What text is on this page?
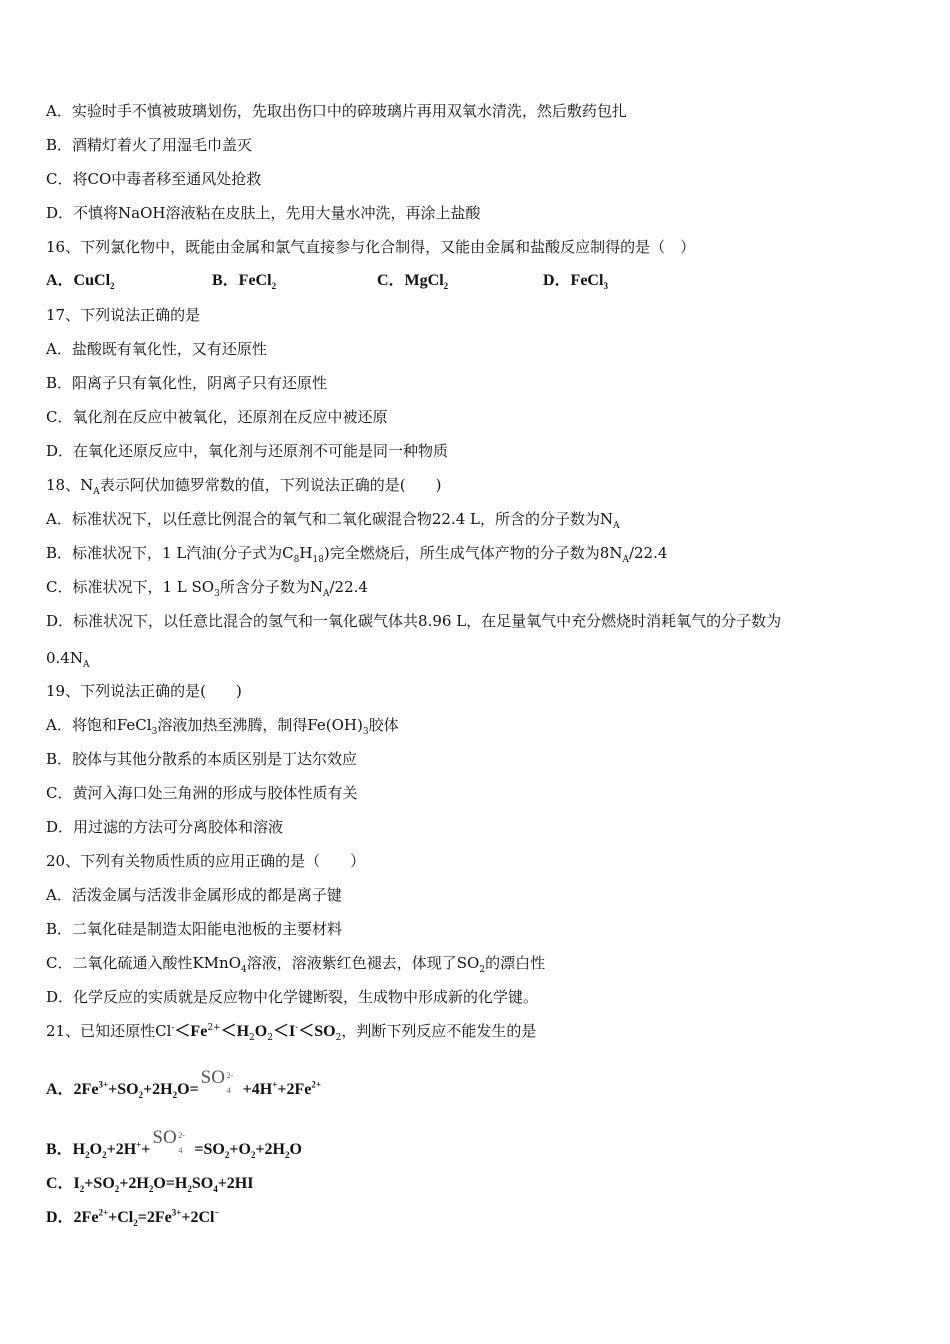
A．实验时手不慎被玻璃划伤，先取出伤口中的碎玻璃片再用双氧水清洗，然后敷药包扎
B．酒精灯着火了用湿毛巾盖灭
C．将CO中毒者移至通风处抢救
D．不慎将NaOH溶液粘在皮肤上，先用大量水冲洗，再涂上盐酸
16、下列氯化物中，既能由金属和氯气直接参与化合制得，又能由金属和盐酸反应制得的是（　）
A．CuCl$_2$	B．FeCl$_2$	C．MgCl$_2$	D．FeCl$_3$
17、下列说法正确的是
A．盐酸既有氧化性，又有还原性
B．阳离子只有氧化性，阴离子只有还原性
C．氧化剂在反应中被氧化，还原剂在反应中被还原
D．在氧化还原反应中，氧化剂与还原剂不可能是同一种物质
18、$N_A$表示阿伏加德罗常数的值，下列说法正确的是(　　)
A．标准状况下，以任意比例混合的氧气和二氧化碳混合物22.4 L，所含的分子数为$N_A$
B．标准状况下，1 L汽油(分子式为$C_8H_{18}$)完全燃烧后，所生成气体产物的分子数为$8N_A/22.4$
C．标准状况下，1 L $SO_3$所含分子数为$N_A/22.4$
D．标准状况下，以任意比混合的氢气和一氧化碳气体共8.96 L，在足量氧气中充分燃烧时消耗氧气的分子数为
$0.4N_A$
19、下列说法正确的是(　　)
A．将饱和FeCl$_3$溶液加热至沸腾，制得$Fe(OH)_3$胶体
B．胶体与其他分散系的本质区别是丁达尔效应
C．黄河入海口处三角洲的形成与胶体性质有关
D．用过滤的方法可分离胶体和溶液
20、下列有关物质性质的应用正确的是（　　）
A．活泼金属与活泼非金属形成的都是离子键
B．二氧化硅是制造太阳能电池板的主要材料
C．二氧化硫通入酸性KMnO$_4$溶液，溶液紫红色褪去，体现了$SO_2$的漂白性
D．化学反应的实质就是反应物中化学键断裂，生成物中形成新的化学键。
21、已知还原性$Cl^-<Fe^{2+}<H_2O_2<I^-<SO_2$，判断下列反应不能发生的是
A．$2Fe^{3+}+SO_2+2H_2O=$
SO 2-
$4 +4H^++2Fe^{2+}$
B．$H_2O_2+2H^++$
SO 2-
$4 =SO_2+O_2+2H_2O$
C．$I_2+SO_2+2H_2O=H_2SO_4+2HI$
D．$2Fe^{2+}+Cl_2=2Fe^{3+}+2Cl^-$
